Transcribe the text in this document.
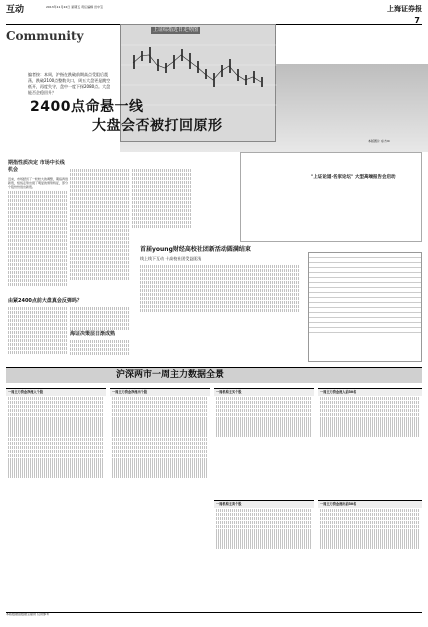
互动	2013年11月22日 星期五 责任编辑 田中宝	上海证券报
7
Community	上证综指近日走势图
编者按：本周，沪指在跌破前期高点受阻后震荡，跌破2100点整数关口，周五大盘更是跳空低开，再度失守，盘中一度下探2080点。大盘能否企稳回升？
2400点命悬一线
大盘会否被打回原形
本版图片 东方IC
期指性质决定 市场中长线机会
近来，市场经历了一轮较大的调整，期指再创新低，短线走势出现了明显的弱势特征，部分个股纷纷创出新低。
由紧2400点前大盘真会反弹吗？
海证决策层日渐成熟
"上证论道·名家论坛" 大型高端报告会启动
首届young财经高校社团新活动圆满结束
线上线下互动 十高校社团受益匪浅
沪深两市一周主力数据全景
一周主力资金净流入个股	一周主力资金净流出个股	一周机构主买个股
一周机构主卖个股
一周主力资金流入前30名
一周主力资金流出前30名
本版数据由数据宝提供 仅供参考
